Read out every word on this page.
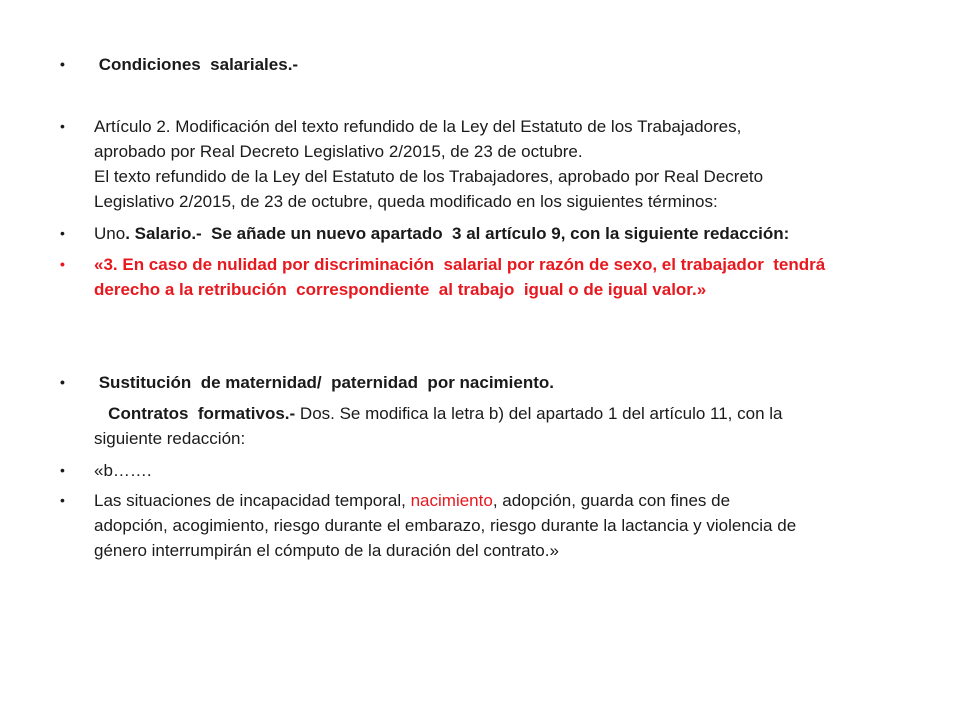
• Condiciones  salariales.-
• Artículo 2. Modificación del texto refundido de la Ley del Estatuto de los Trabajadores,
aprobado por Real Decreto Legislativo 2/2015, de 23 de octubre.
El texto refundido de la Ley del Estatuto de los Trabajadores, aprobado por Real Decreto
Legislativo 2/2015, de 23 de octubre, queda modificado en los siguientes términos:
• Uno. Salario.-  Se añade un nuevo apartado  3 al artículo 9, con la siguiente redacción:
• «3. En caso de nulidad por discriminación  salarial por razón de sexo, el trabajador  tendrá
derecho a la retribución  correspondiente  al trabajo  igual o de igual valor.»
• Sustitución  de maternidad/  paternidad  por nacimiento.
Contratos  formativos.- Dos. Se modifica la letra b) del apartado 1 del artículo 11, con la
siguiente redacción:
• «b…….
• Las situaciones de incapacidad temporal, nacimiento, adopción, guarda con fines de
adopción, acogimiento, riesgo durante el embarazo, riesgo durante la lactancia y violencia de
género interrumpirán el cómputo de la duración del contrato.»
